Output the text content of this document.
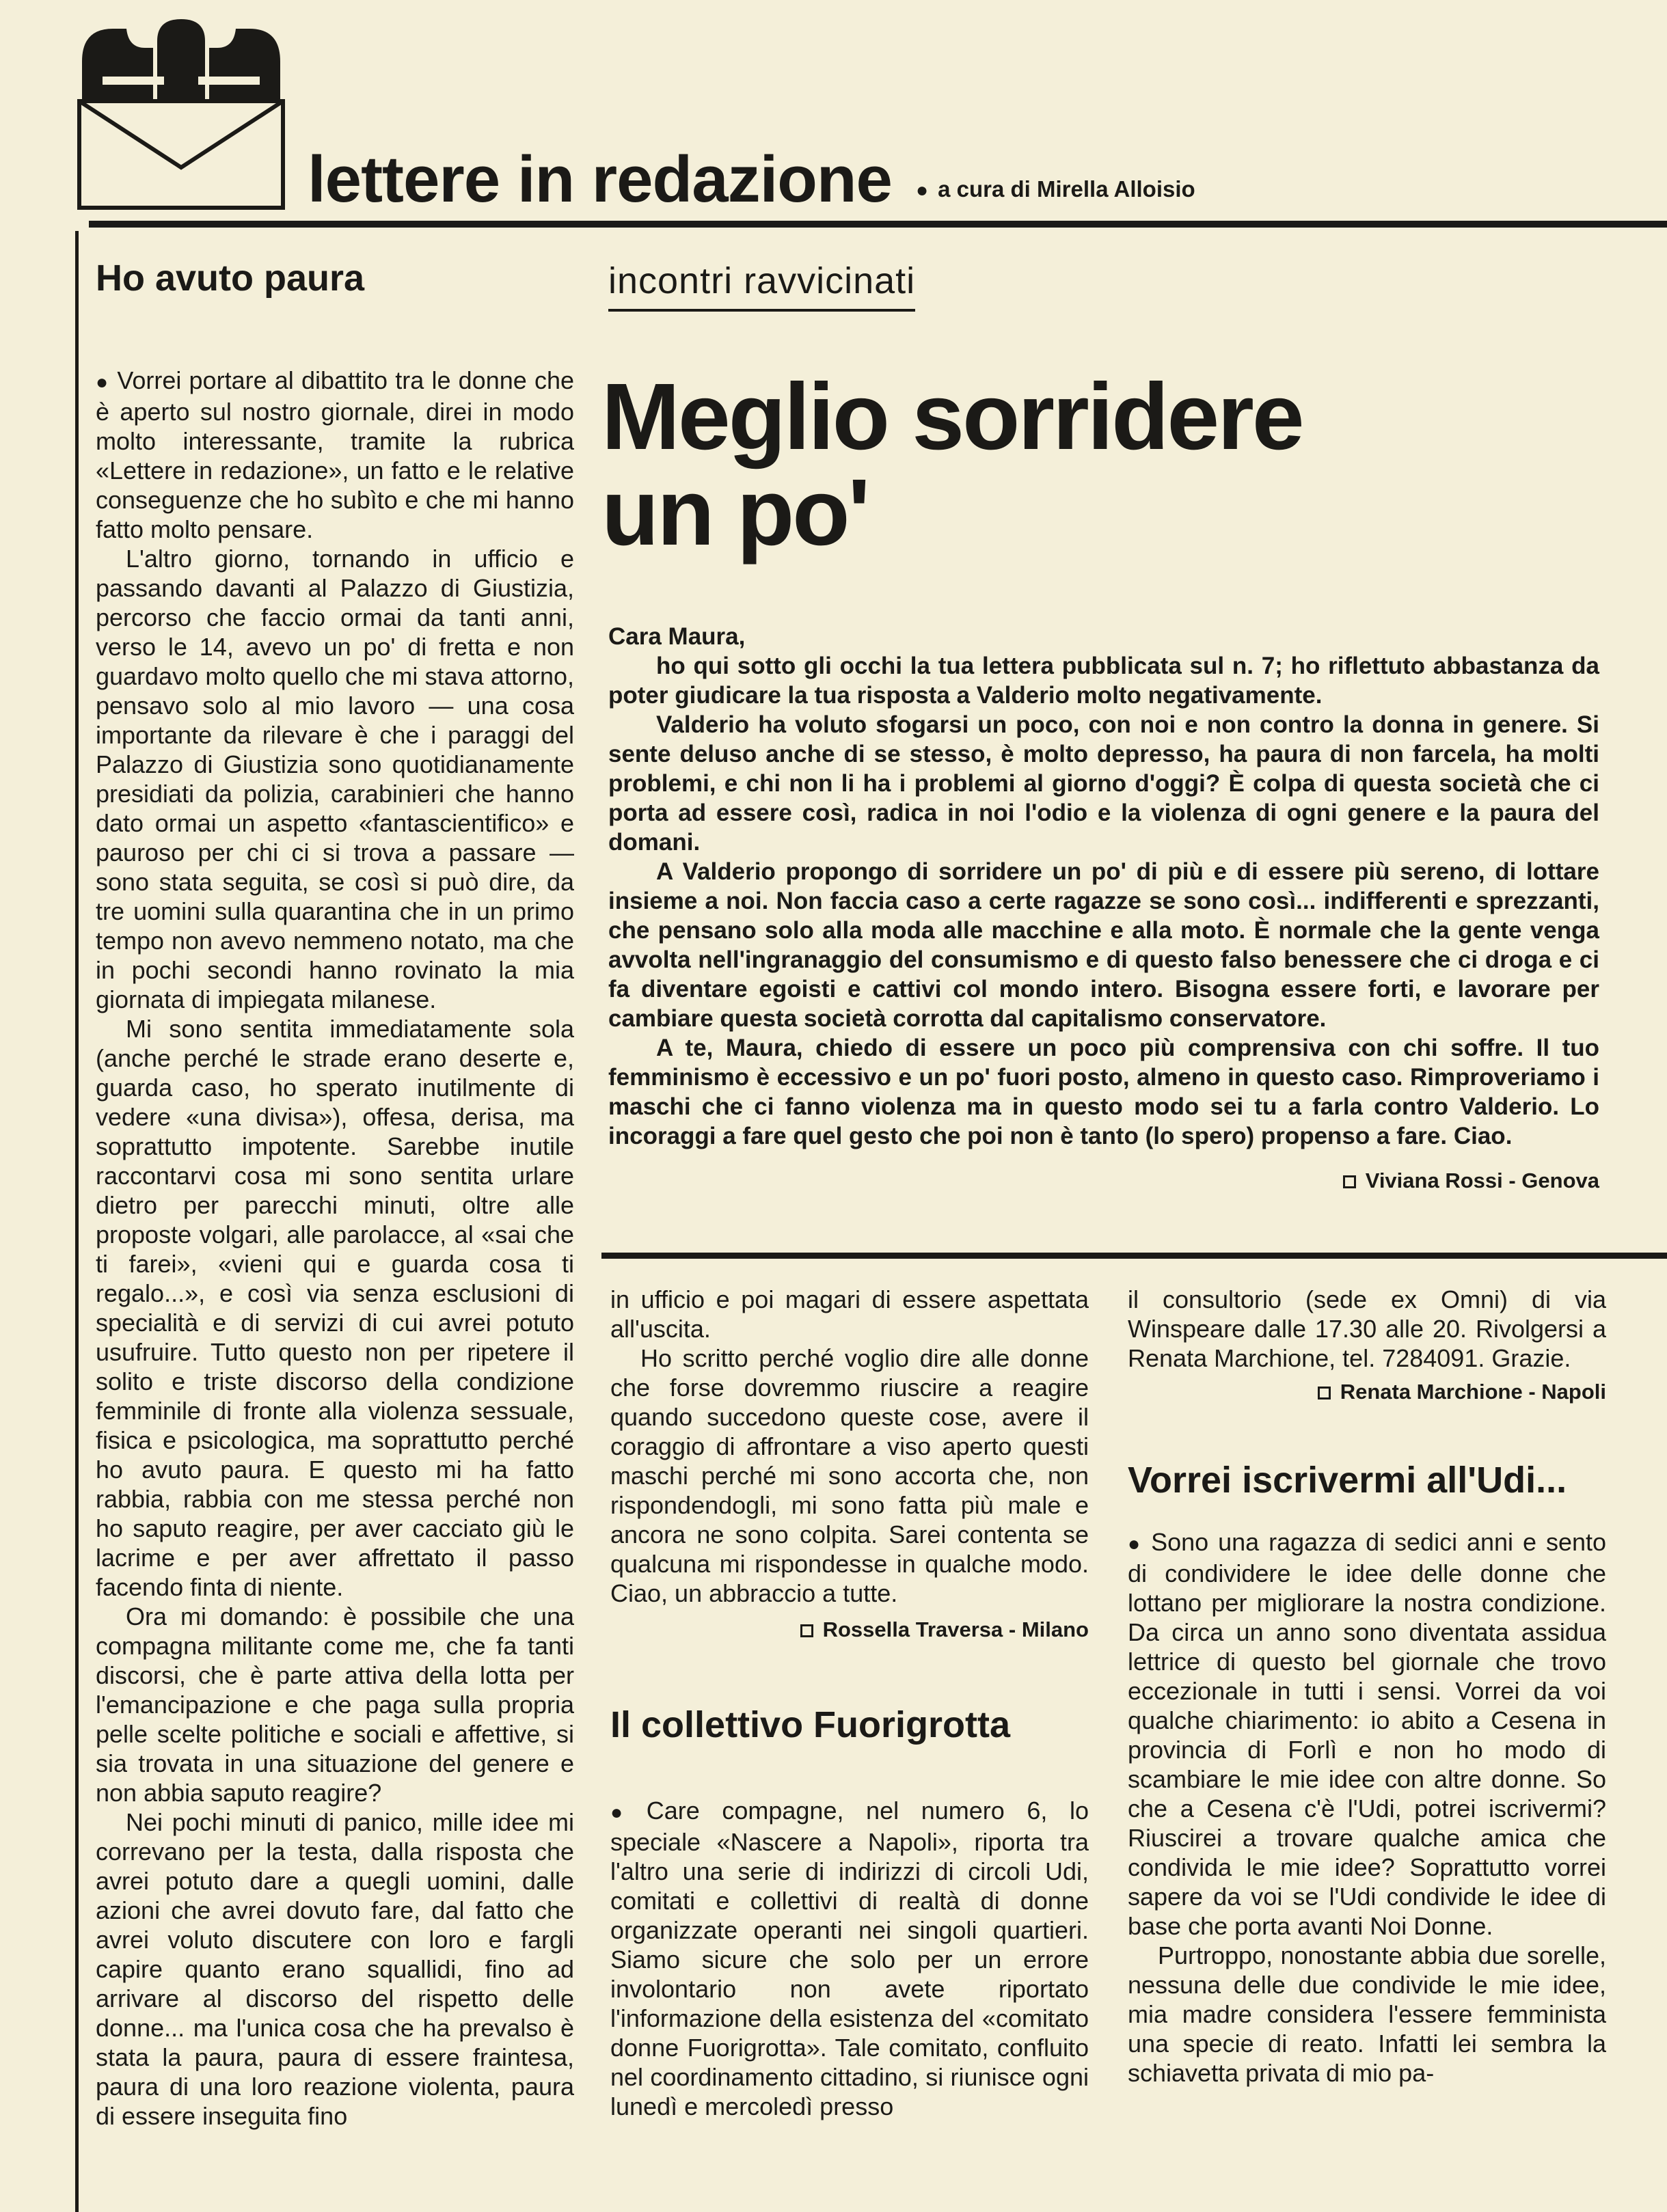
lettere in redazione ● a cura di Mirella Alloisio
Ho avuto paura

● Vorrei portare al dibattito tra le donne che è aperto sul nostro giornale, direi in modo molto interessante, tramite la rubrica «Lettere in redazione», un fatto e le relative conseguenze che ho subìto e che mi hanno fatto molto pensare.

L'altro giorno, tornando in ufficio e passando davanti al Palazzo di Giustizia, percorso che faccio ormai da tanti anni, verso le 14, avevo un po' di fretta e non guardavo molto quello che mi stava attorno, pensavo solo al mio lavoro — una cosa importante da rilevare è che i paraggi del Palazzo di Giustizia sono quotidianamente presidiati da polizia, carabinieri che hanno dato ormai un aspetto «fantascientifico» e pauroso per chi ci si trova a passare — sono stata seguita, se così si può dire, da tre uomini sulla quarantina che in un primo tempo non avevo nemmeno notato, ma che in pochi secondi hanno rovinato la mia giornata di impiegata milanese.

Mi sono sentita immediatamente sola (anche perché le strade erano deserte e, guarda caso, ho sperato inutilmente di vedere «una divisa»), offesa, derisa, ma soprattutto impotente. Sarebbe inutile raccontarvi cosa mi sono sentita urlare dietro per parecchi minuti, oltre alle proposte volgari, alle parolacce, al «sai che ti farei», «vieni qui e guarda cosa ti regalo...», e così via senza esclusioni di specialità e di servizi di cui avrei potuto usufruire. Tutto questo non per ripetere il solito e triste discorso della condizione femminile di fronte alla violenza sessuale, fisica e psicologica, ma soprattutto perché ho avuto paura. E questo mi ha fatto rabbia, rabbia con me stessa perché non ho saputo reagire, per aver cacciato giù le lacrime e per aver affrettato il passo facendo finta di niente.

Ora mi domando: è possibile che una compagna militante come me, che fa tanti discorsi, che è parte attiva della lotta per l'emancipazione e che paga sulla propria pelle scelte politiche e sociali e affettive, si sia trovata in una situazione del genere e non abbia saputo reagire?

Nei pochi minuti di panico, mille idee mi correvano per la testa, dalla risposta che avrei potuto dare a quegli uomini, dalle azioni che avrei dovuto fare, dal fatto che avrei voluto discutere con loro e fargli capire quanto erano squallidi, fino ad arrivare al discorso del rispetto delle donne... ma l'unica cosa che ha prevalso è stata la paura, paura di essere fraintesa, paura di una loro reazione violenta, paura di essere inseguita fino

incontri ravvicinati
Meglio sorridere
un po'

Cara Maura,

ho qui sotto gli occhi la tua lettera pubblicata sul n. 7; ho riflettuto abbastanza da poter giudicare la tua risposta a Valderio molto negativamente.

Valderio ha voluto sfogarsi un poco, con noi e non contro la donna in genere. Si sente deluso anche di se stesso, è molto depresso, ha paura di non farcela, ha molti problemi, e chi non li ha i problemi al giorno d'oggi? È colpa di questa società che ci porta ad essere così, radica in noi l'odio e la violenza di ogni genere e la paura del domani.

A Valderio propongo di sorridere un po' di più e di essere più sereno, di lottare insieme a noi. Non faccia caso a certe ragazze se sono così... indifferenti e sprezzanti, che pensano solo alla moda alle macchine e alla moto. È normale che la gente venga avvolta nell'ingranaggio del consumismo e di questo falso benessere che ci droga e ci fa diventare egoisti e cattivi col mondo intero. Bisogna essere forti, e lavorare per cambiare questa società corrotta dal capitalismo conservatore.

A te, Maura, chiedo di essere un poco più comprensiva con chi soffre. Il tuo femminismo è eccessivo e un po' fuori posto, almeno in questo caso. Rimproveriamo i maschi che ci fanno violenza ma in questo modo sei tu a farla contro Valderio. Lo incoraggi a fare quel gesto che poi non è tanto (lo spero) propenso a fare. Ciao.

Viviana Rossi - Genova

in ufficio e poi magari di essere aspettata all'uscita.

Ho scritto perché voglio dire alle donne che forse dovremmo riuscire a reagire quando succedono queste cose, avere il coraggio di affrontare a viso aperto questi maschi perché mi sono accorta che, non rispondendogli, mi sono fatta più male e ancora ne sono colpita. Sarei contenta se qualcuna mi rispondesse in qualche modo. Ciao, un abbraccio a tutte.

Rossella Traversa - Milano
Il collettivo Fuorigrotta

● Care compagne, nel numero 6, lo speciale «Nascere a Napoli», riporta tra l'altro una serie di indirizzi di circoli Udi, comitati e collettivi di realtà di donne organizzate operanti nei singoli quartieri. Siamo sicure che solo per un errore involontario non avete riportato l'informazione della esistenza del «comitato donne Fuorigrotta». Tale comitato, confluito nel coordinamento cittadino, si riunisce ogni lunedì e mercoledì presso

il consultorio (sede ex Omni) di via Winspeare dalle 17.30 alle 20. Rivolgersi a Renata Marchione, tel. 7284091. Grazie.

Renata Marchione - Napoli
Vorrei iscrivermi all'Udi...

● Sono una ragazza di sedici anni e sento di condividere le idee delle donne che lottano per migliorare la nostra condizione. Da circa un anno sono diventata assidua lettrice di questo bel giornale che trovo eccezionale in tutti i sensi. Vorrei da voi qualche chiarimento: io abito a Cesena in provincia di Forlì e non ho modo di scambiare le mie idee con altre donne. So che a Cesena c'è l'Udi, potrei iscrivermi? Riuscirei a trovare qualche amica che condivida le mie idee? Soprattutto vorrei sapere da voi se l'Udi condivide le idee di base che porta avanti Noi Donne.

Purtroppo, nonostante abbia due sorelle, nessuna delle due condivide le mie idee, mia madre considera l'essere femminista una specie di reato. Infatti lei sembra la schiavetta privata di mio pa-
